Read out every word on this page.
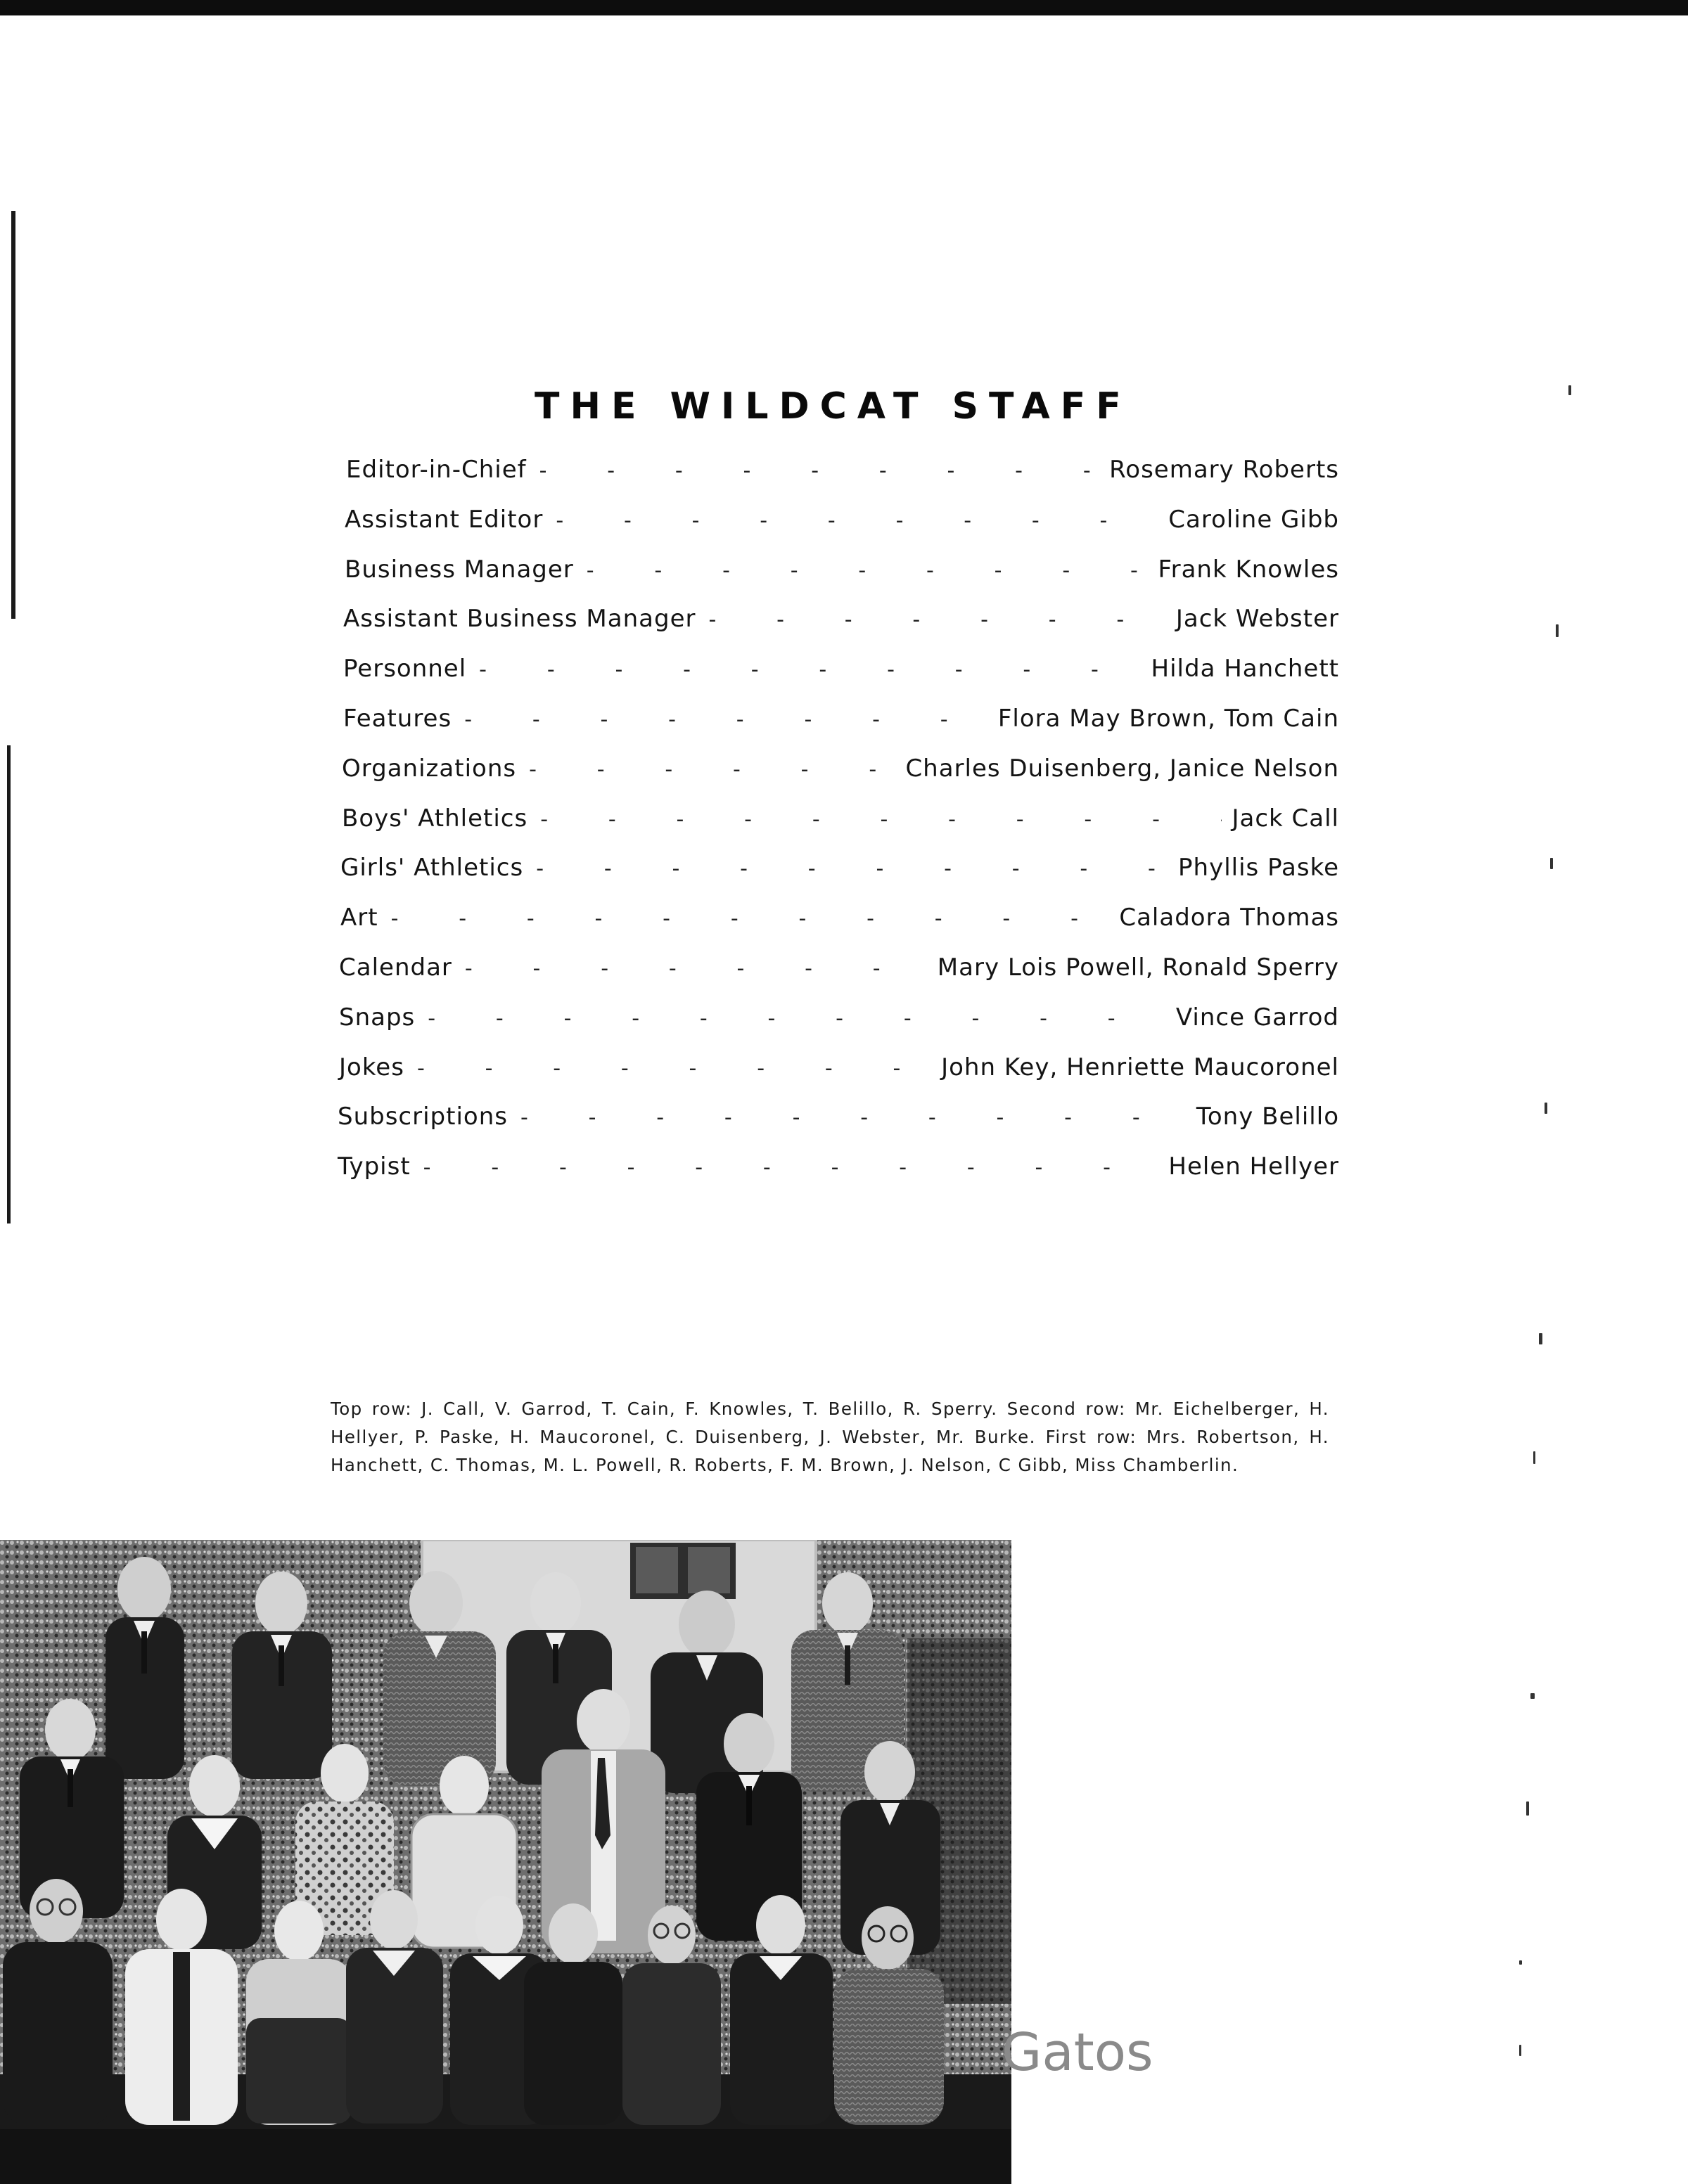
THE WILDCAT STAFF
Editor-in-Chief -	Rosemary Roberts
Assistant Editor -	Caroline Gibb
Business Manager -	Frank Knowles
Assistant Business Manager -	Jack Webster
Personnel -	Hilda Hanchett
Features -	Flora May Brown, Tom Cain
Organizations -	Charles Duisenberg, Janice Nelson
Boys' Athletics -	Jack Call
Girls' Athletics -	Phyllis Paske
Art -	Caladora Thomas
Calendar -	Mary Lois Powell, Ronald Sperry
Snaps -	Vince Garrod
Jokes -	John Key, Henriette Maucoronel
Subscriptions -	Tony Belillo
Typist -	Helen Hellyer

Top row: J. Call, V. Garrod, T. Cain, F. Knowles, T. Belillo, R. Sperry. Second row: Mr. Eichelberger, H. Hellyer, P. Paske, H. Maucoronel, C. Duisenberg, J. Webster, Mr. Burke. First row: Mrs. Robertson, H. Hanchett, C. Thomas, M. L. Powell, R. Roberts, F. M. Brown, J. Nelson, C Gibb, Miss Chamberlin.

Gatos
